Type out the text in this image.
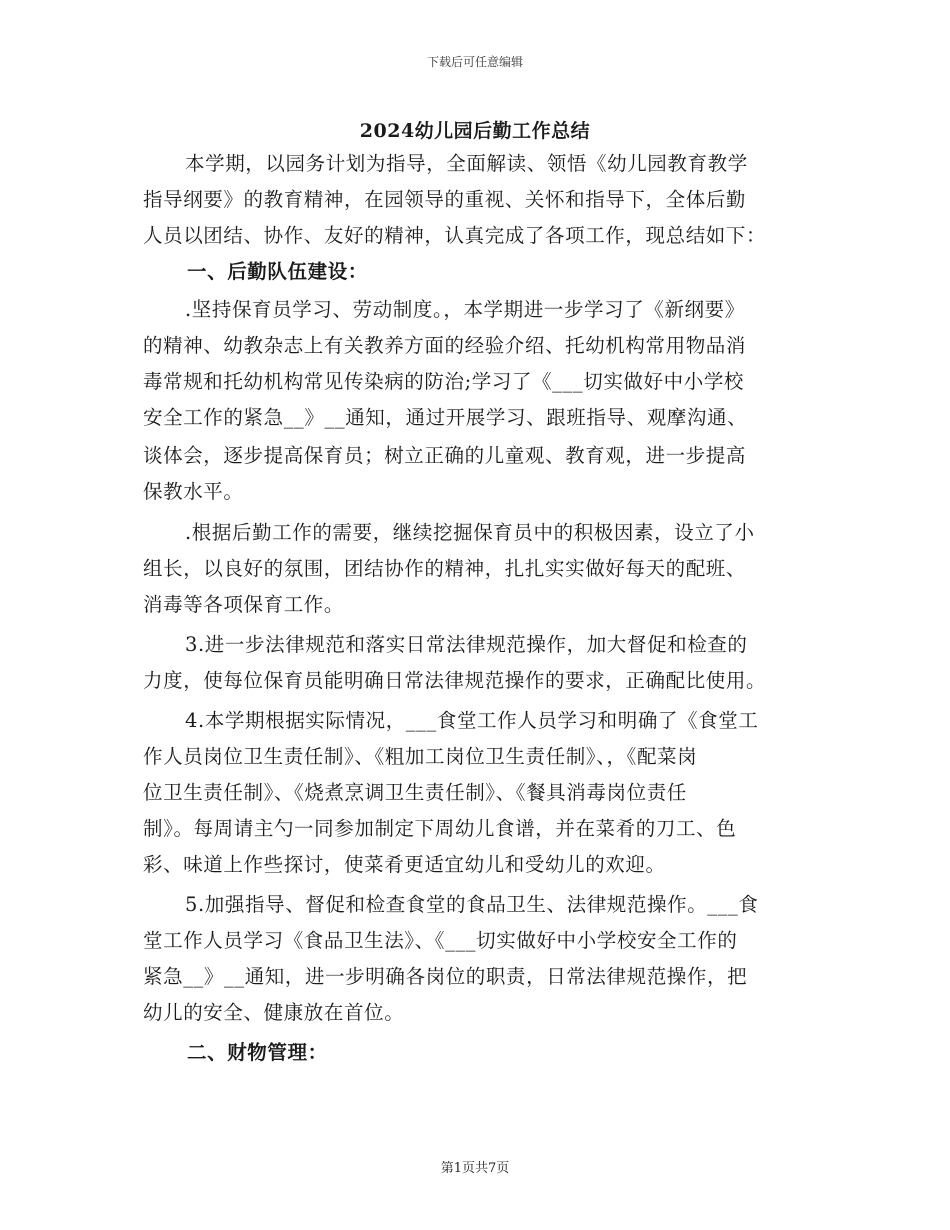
下载后可任意编辑
2024幼儿园后勤工作总结
本学期，以园务计划为指导，全面解读、领悟《幼儿园教育教学
指导纲要》的教育精神，在园领导的重视、关怀和指导下，全体后勤
人员以团结、协作、友好的精神，认真完成了各项工作，现总结如下：
一、后勤队伍建设：
.坚持保育员学习、劳动制度。，本学期进一步学习了《新纲要》
的精神、幼教杂志上有关教养方面的经验介绍、托幼机构常用物品消
毒常规和托幼机构常见传染病的防治;学习了《___切实做好中小学校
安全工作的紧急__》__通知，通过开展学习、跟班指导、观摩沟通、
谈体会，逐步提高保育员；树立正确的儿童观、教育观，进一步提高
保教水平。
.根据后勤工作的需要，继续挖掘保育员中的积极因素，设立了小
组长，以良好的氛围，团结协作的精神，扎扎实实做好每天的配班、
消毒等各项保育工作。
3.进一步法律规范和落实日常法律规范操作，加大督促和检查的
力度，使每位保育员能明确日常法律规范操作的要求，正确配比使用。
4.本学期根据实际情况，___食堂工作人员学习和明确了《食堂工
作人员岗位卫生责任制》、《粗加工岗位卫生责任制》、，《配菜岗
位卫生责任制》、《烧煮烹调卫生责任制》、《餐具消毒岗位责任
制》。每周请主勺一同参加制定下周幼儿食谱，并在菜肴的刀工、色
彩、味道上作些探讨，使菜肴更适宜幼儿和受幼儿的欢迎。
5.加强指导、督促和检查食堂的食品卫生、法律规范操作。___食
堂工作人员学习《食品卫生法》、《___切实做好中小学校安全工作的
紧急__》__通知，进一步明确各岗位的职责，日常法律规范操作，把
幼儿的安全、健康放在首位。
二、财物管理：
第1页共7页
